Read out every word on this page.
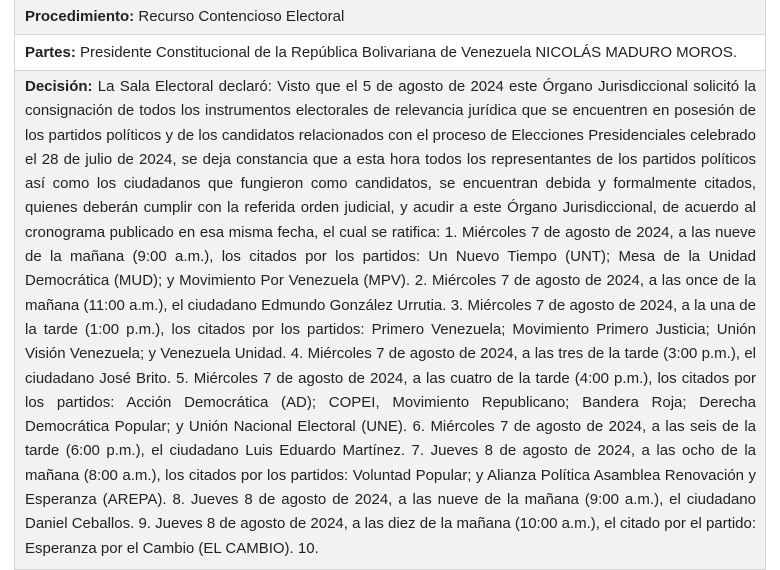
Procedimiento: Recurso Contencioso Electoral
Partes: Presidente Constitucional de la República Bolivariana de Venezuela NICOLÁS MADURO MOROS.
Decisión: La Sala Electoral declaró: Visto que el 5 de agosto de 2024 este Órgano Jurisdiccional solicitó la consignación de todos los instrumentos electorales de relevancia jurídica que se encuentren en posesión de los partidos políticos y de los candidatos relacionados con el proceso de Elecciones Presidenciales celebrado el 28 de julio de 2024, se deja constancia que a esta hora todos los representantes de los partidos políticos así como los ciudadanos que fungieron como candidatos, se encuentran debida y formalmente citados, quienes deberán cumplir con la referida orden judicial, y acudir a este Órgano Jurisdiccional, de acuerdo al cronograma publicado en esa misma fecha, el cual se ratifica: 1. Miércoles 7 de agosto de 2024, a las nueve de la mañana (9:00 a.m.), los citados por los partidos: Un Nuevo Tiempo (UNT); Mesa de la Unidad Democrática (MUD); y Movimiento Por Venezuela (MPV). 2. Miércoles 7 de agosto de 2024, a las once de la mañana (11:00 a.m.), el ciudadano Edmundo González Urrutia. 3. Miércoles 7 de agosto de 2024, a la una de la tarde (1:00 p.m.), los citados por los partidos: Primero Venezuela; Movimiento Primero Justicia; Unión Visión Venezuela; y Venezuela Unidad. 4. Miércoles 7 de agosto de 2024, a las tres de la tarde (3:00 p.m.), el ciudadano José Brito. 5. Miércoles 7 de agosto de 2024, a las cuatro de la tarde (4:00 p.m.), los citados por los partidos: Acción Democrática (AD); COPEI, Movimiento Republicano; Bandera Roja; Derecha Democrática Popular; y Unión Nacional Electoral (UNE). 6. Miércoles 7 de agosto de 2024, a las seis de la tarde (6:00 p.m.), el ciudadano Luis Eduardo Martínez. 7. Jueves 8 de agosto de 2024, a las ocho de la mañana (8:00 a.m.), los citados por los partidos: Voluntad Popular; y Alianza Política Asamblea Renovación y Esperanza (AREPA). 8. Jueves 8 de agosto de 2024, a las nueve de la mañana (9:00 a.m.), el ciudadano Daniel Ceballos. 9. Jueves 8 de agosto de 2024, a las diez de la mañana (10:00 a.m.), el citado por el partido: Esperanza por el Cambio (EL CAMBIO). 10.
